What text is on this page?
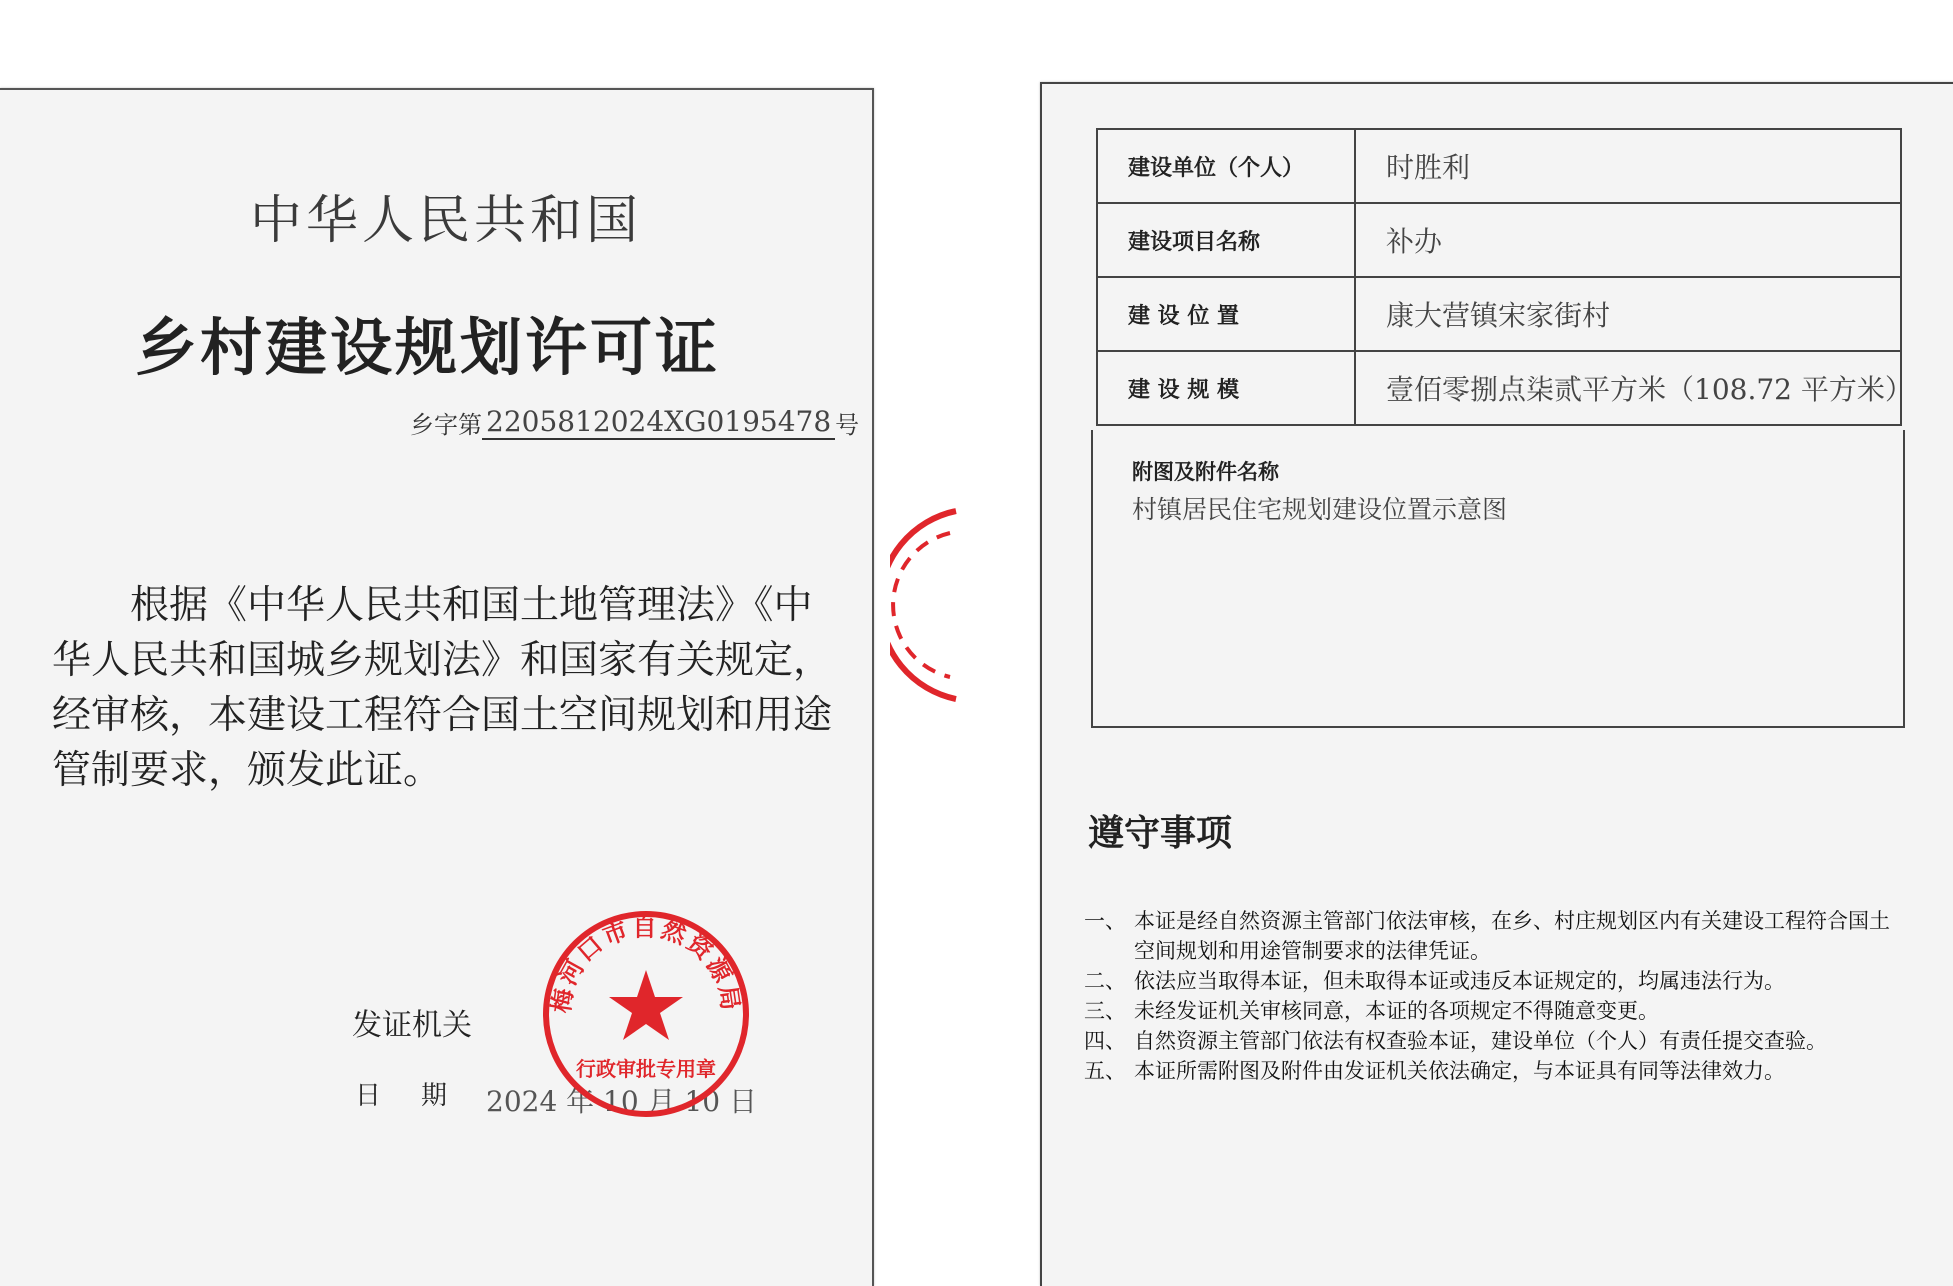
中华人民共和国
乡村建设规划许可证
乡字第 2205812024XG0195478 号
根据《中华人民共和国土地管理法》《中华人民共和国城乡规划法》和国家有关规定，经审核，本建设工程符合国土空间规划和用途管制要求，颁发此证。
发证机关
日期
2024 年 10 月 10 日
梅河口市自然资源局
行政审批专用章
建设单位（个人）	时胜利
建设项目名称	补办
建 设 位 置	康大营镇宋家街村
建 设 规 模	壹佰零捌点柒贰平方米（108.72 平方米）
附图及附件名称
村镇居民住宅规划建设位置示意图
遵守事项
一、 本证是经自然资源主管部门依法审核，在乡、村庄规划区内有关建设工程符合国土空间规划和用途管制要求的法律凭证。
二、 依法应当取得本证，但未取得本证或违反本证规定的，均属违法行为。
三、 未经发证机关审核同意，本证的各项规定不得随意变更。
四、 自然资源主管部门依法有权查验本证，建设单位（个人）有责任提交查验。
五、 本证所需附图及附件由发证机关依法确定，与本证具有同等法律效力。
